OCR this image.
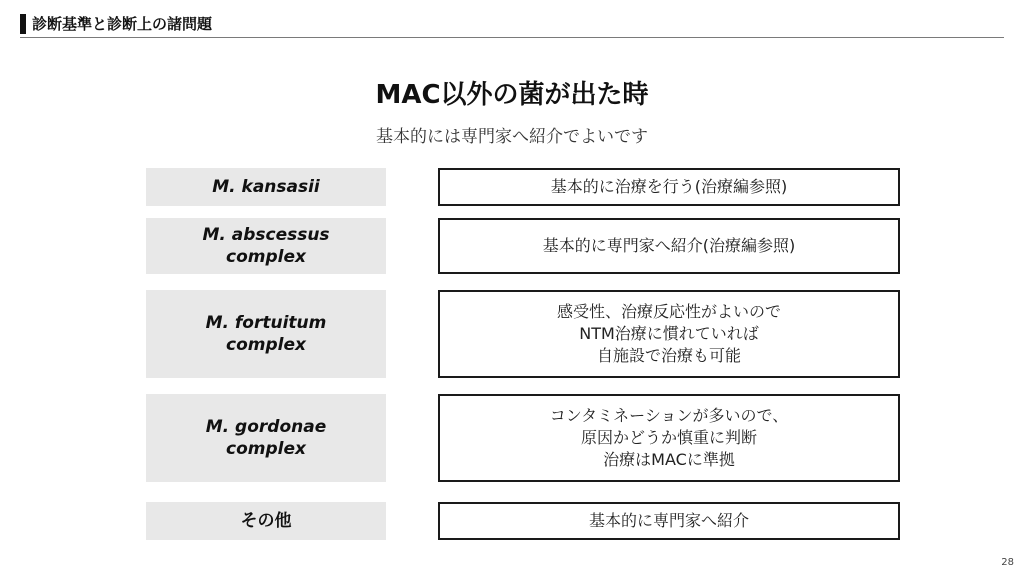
診断基準と診断上の諸問題
MAC以外の菌が出た時
基本的には専門家へ紹介でよいです
M. kansasii	基本的に治療を行う(治療編参照)
M. abscessus
complex
基本的に専門家へ紹介(治療編参照)
M. fortuitum
complex
感受性、治療反応性がよいので
NTM治療に慣れていれば
自施設で治療も可能
M. gordonae
complex
コンタミネーションが多いので、
原因かどうか慎重に判断
治療はMACに準拠
その他	基本的に専門家へ紹介
28
